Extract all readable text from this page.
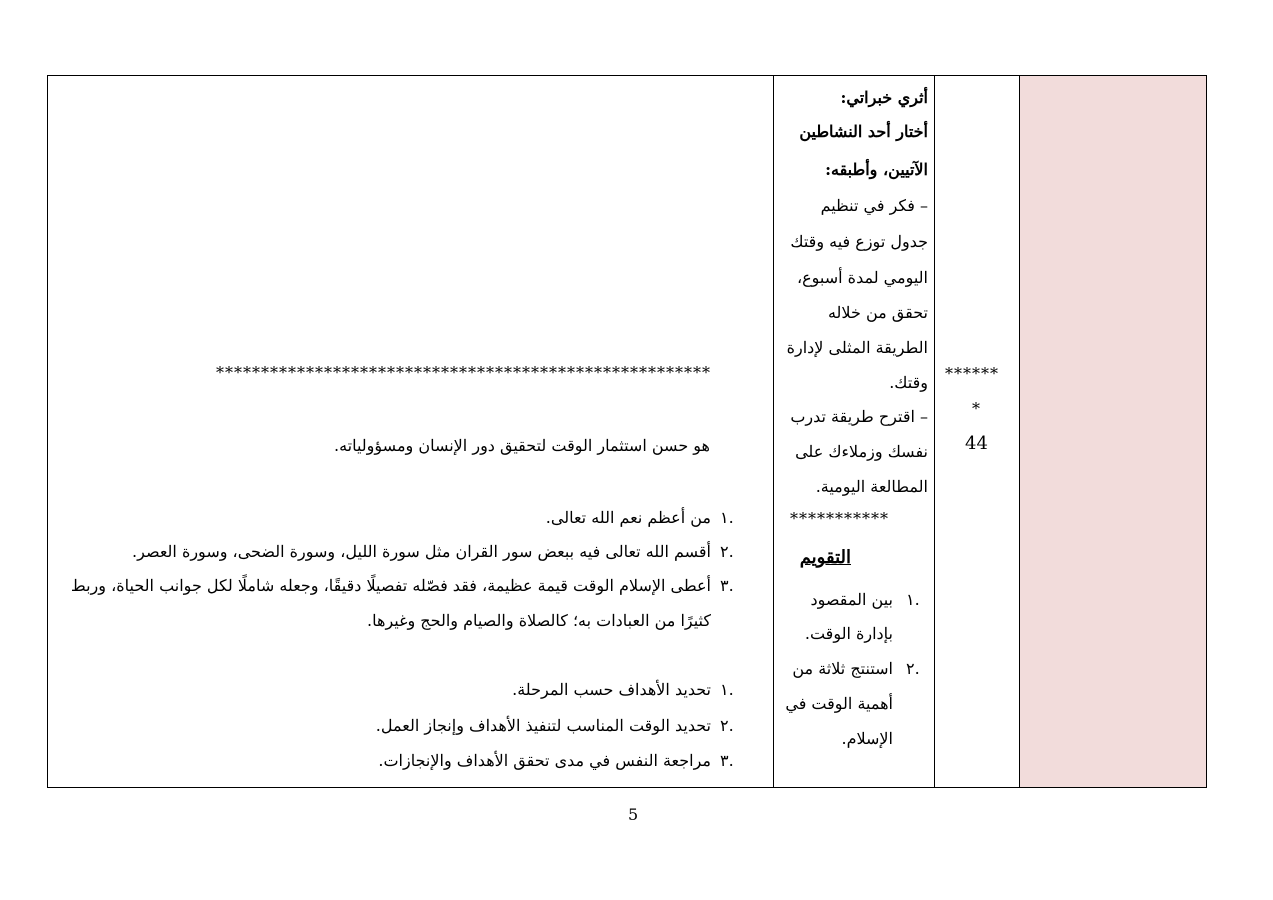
أثري خبراتي:
أختار أحد النشاطين
الآتيين، وأطبقه:
– فكر في تنظيم
جدول توزع فيه وقتك
اليومي لمدة أسبوع،
تحقق من خلاله
الطريقة المثلى لإدارة
وقتك.
– اقترح طريقة تدرب
نفسك وزملاءك على
المطالعة اليومية.
***********
التقويم
١.
بين المقصود
بإدارة الوقت.
٢.
استنتج ثلاثة من
أهمية الوقت في
الإسلام.
******
*
44
*******************************************************
هو حسن استثمار الوقت لتحقيق دور الإنسان ومسؤولياته.
١.
من أعظم نعم الله تعالى.
٢.
أقسم الله تعالى فيه ببعض سور القران مثل سورة الليل، وسورة الضحى، وسورة العصر.
٣.
أعطى الإسلام الوقت قيمة عظيمة، فقد فصّله تفصيلًا دقيقًا، وجعله شاملًا لكل جوانب الحياة، وربط
كثيرًا من العبادات به؛ كالصلاة والصيام والحج وغيرها.
١.
تحديد الأهداف حسب المرحلة.
٢.
تحديد الوقت المناسب لتنفيذ الأهداف وإنجاز العمل.
٣.
مراجعة النفس في مدى تحقق الأهداف والإنجازات.
5
